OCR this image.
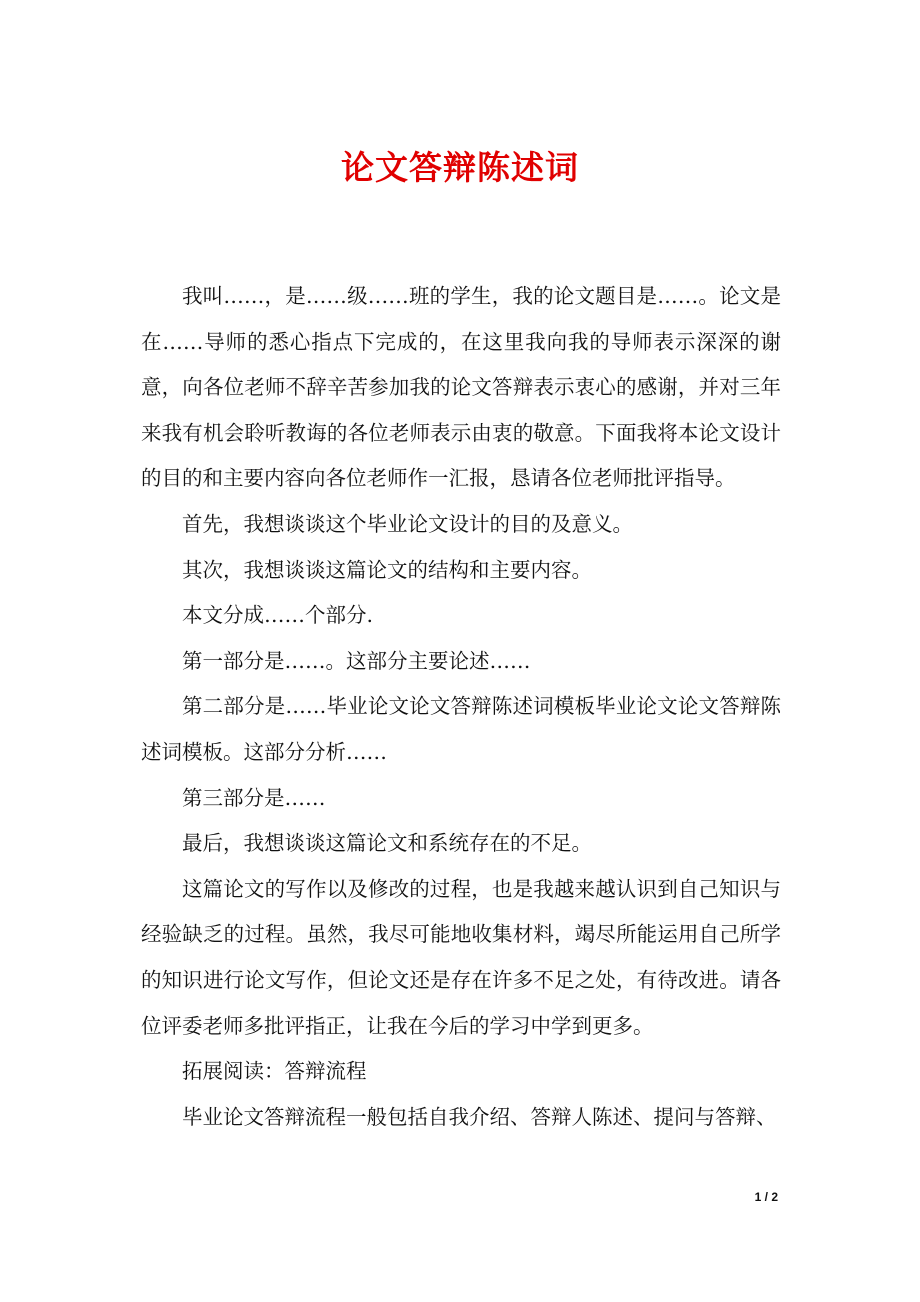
论文答辩陈述词

我叫……，是……级……班的学生，我的论文题目是……。论文是在……导师的悉心指点下完成的，在这里我向我的导师表示深深的谢意，向各位老师不辞辛苦参加我的论文答辩表示衷心的感谢，并对三年来我有机会聆听教诲的各位老师表示由衷的敬意。下面我将本论文设计的目的和主要内容向各位老师作一汇报，恳请各位老师批评指导。

首先，我想谈谈这个毕业论文设计的目的及意义。

其次，我想谈谈这篇论文的结构和主要内容。

本文分成……个部分.

第一部分是……。这部分主要论述……

第二部分是……毕业论文论文答辩陈述词模板毕业论文论文答辩陈述词模板。这部分分析……

第三部分是……

最后，我想谈谈这篇论文和系统存在的不足。

这篇论文的写作以及修改的过程，也是我越来越认识到自己知识与经验缺乏的过程。虽然，我尽可能地收集材料，竭尽所能运用自己所学的知识进行论文写作，但论文还是存在许多不足之处，有待改进。请各位评委老师多批评指正，让我在今后的学习中学到更多。

拓展阅读：答辩流程

毕业论文答辩流程一般包括自我介绍、答辩人陈述、提问与答辩、

1 / 2
